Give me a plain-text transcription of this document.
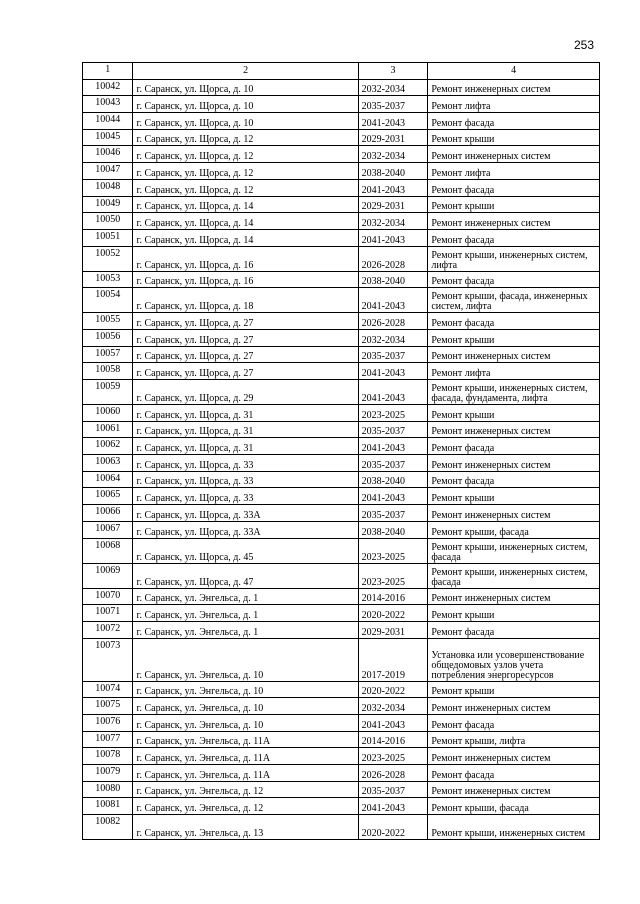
253
1	2	3	4
10042	г. Саранск, ул. Щорса, д. 10	2032-2034	Ремонт инженерных систем
10043	г. Саранск, ул. Щорса, д. 10	2035-2037	Ремонт лифта
10044	г. Саранск, ул. Щорса, д. 10	2041-2043	Ремонт фасада
10045	г. Саранск, ул. Щорса, д. 12	2029-2031	Ремонт крыши
10046	г. Саранск, ул. Щорса, д. 12	2032-2034	Ремонт инженерных систем
10047	г. Саранск, ул. Щорса, д. 12	2038-2040	Ремонт лифта
10048	г. Саранск, ул. Щорса, д. 12	2041-2043	Ремонт фасада
10049	г. Саранск, ул. Щорса, д. 14	2029-2031	Ремонт крыши
10050	г. Саранск, ул. Щорса, д. 14	2032-2034	Ремонт инженерных систем
10051	г. Саранск, ул. Щорса, д. 14	2041-2043	Ремонт фасада
10052	г. Саранск, ул. Щорса, д. 16	2026-2028	Ремонт крыши, инженерных систем, лифта
10053	г. Саранск, ул. Щорса, д. 16	2038-2040	Ремонт фасада
10054	г. Саранск, ул. Щорса, д. 18	2041-2043	Ремонт крыши, фасада, инженерных систем, лифта
10055	г. Саранск, ул. Щорса, д. 27	2026-2028	Ремонт фасада
10056	г. Саранск, ул. Щорса, д. 27	2032-2034	Ремонт крыши
10057	г. Саранск, ул. Щорса, д. 27	2035-2037	Ремонт инженерных систем
10058	г. Саранск, ул. Щорса, д. 27	2041-2043	Ремонт лифта
10059	г. Саранск, ул. Щорса, д. 29	2041-2043	Ремонт крыши, инженерных систем, фасада, фундамента, лифта
10060	г. Саранск, ул. Щорса, д. 31	2023-2025	Ремонт крыши
10061	г. Саранск, ул. Щорса, д. 31	2035-2037	Ремонт инженерных систем
10062	г. Саранск, ул. Щорса, д. 31	2041-2043	Ремонт фасада
10063	г. Саранск, ул. Щорса, д. 33	2035-2037	Ремонт инженерных систем
10064	г. Саранск, ул. Щорса, д. 33	2038-2040	Ремонт фасада
10065	г. Саранск, ул. Щорса, д. 33	2041-2043	Ремонт крыши
10066	г. Саранск, ул. Щорса, д. 33А	2035-2037	Ремонт инженерных систем
10067	г. Саранск, ул. Щорса, д. 33А	2038-2040	Ремонт крыши, фасада
10068	г. Саранск, ул. Щорса, д. 45	2023-2025	Ремонт крыши, инженерных систем, фасада
10069	г. Саранск, ул. Щорса, д. 47	2023-2025	Ремонт крыши, инженерных систем, фасада
10070	г. Саранск, ул. Энгельса, д. 1	2014-2016	Ремонт инженерных систем
10071	г. Саранск, ул. Энгельса, д. 1	2020-2022	Ремонт крыши
10072	г. Саранск, ул. Энгельса, д. 1	2029-2031	Ремонт фасада
10073	г. Саранск, ул. Энгельса, д. 10	2017-2019	Установка или усовершенствование общедомовых узлов учета потребления энергоресурсов
10074	г. Саранск, ул. Энгельса, д. 10	2020-2022	Ремонт крыши
10075	г. Саранск, ул. Энгельса, д. 10	2032-2034	Ремонт инженерных систем
10076	г. Саранск, ул. Энгельса, д. 10	2041-2043	Ремонт фасада
10077	г. Саранск, ул. Энгельса, д. 11А	2014-2016	Ремонт крыши, лифта
10078	г. Саранск, ул. Энгельса, д. 11А	2023-2025	Ремонт инженерных систем
10079	г. Саранск, ул. Энгельса, д. 11А	2026-2028	Ремонт фасада
10080	г. Саранск, ул. Энгельса, д. 12	2035-2037	Ремонт инженерных систем
10081	г. Саранск, ул. Энгельса, д. 12	2041-2043	Ремонт крыши, фасада
10082	г. Саранск, ул. Энгельса, д. 13	2020-2022	Ремонт крыши, инженерных систем
